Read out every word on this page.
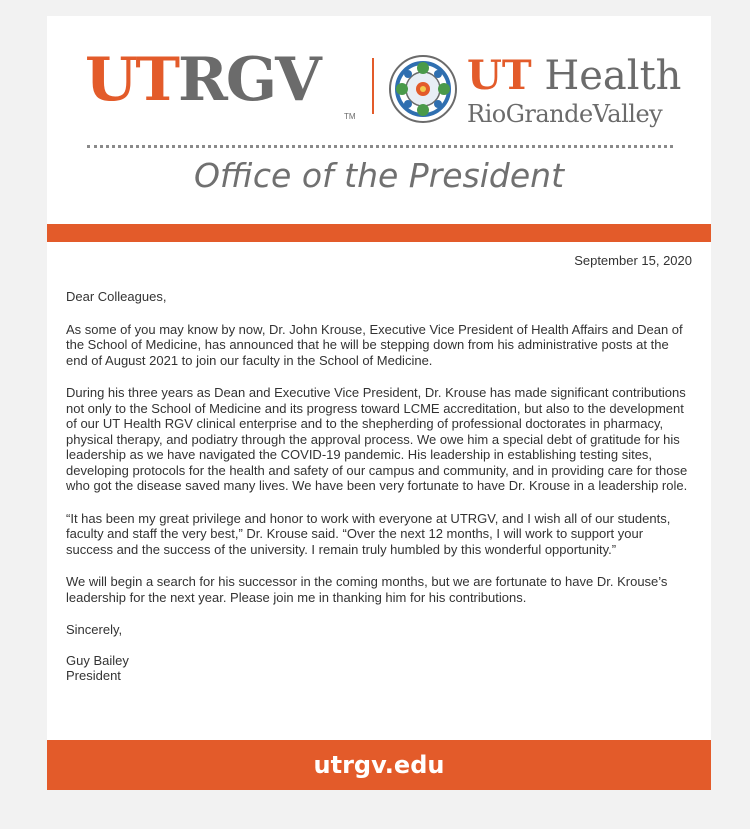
UTRGV
TM
UT Health
RioGrandeValley
Office of the President
September 15, 2020

Dear Colleagues,

As some of you may know by now, Dr. John Krouse, Executive Vice President of Health Affairs and Dean of the School of Medicine, has announced that he will be stepping down from his administrative posts at the end of August 2021 to join our faculty in the School of Medicine.

During his three years as Dean and Executive Vice President, Dr. Krouse has made significant contributions not only to the School of Medicine and its progress toward LCME accreditation, but also to the development of our UT Health RGV clinical enterprise and to the shepherding of professional doctorates in pharmacy, physical therapy, and podiatry through the approval process. We owe him a special debt of gratitude for his leadership as we have navigated the COVID-19 pandemic. His leadership in establishing testing sites, developing protocols for the health and safety of our campus and community, and in providing care for those who got the disease saved many lives. We have been very fortunate to have Dr. Krouse in a leadership role.

“It has been my great privilege and honor to work with everyone at UTRGV, and I wish all of our students, faculty and staff the very best,” Dr. Krouse said. “Over the next 12 months, I will work to support your success and the success of the university. I remain truly humbled by this wonderful opportunity.”

We will begin a search for his successor in the coming months, but we are fortunate to have Dr. Krouse’s leadership for the next year. Please join me in thanking him for his contributions.

Sincerely,

Guy Bailey
President
utrgv.edu
